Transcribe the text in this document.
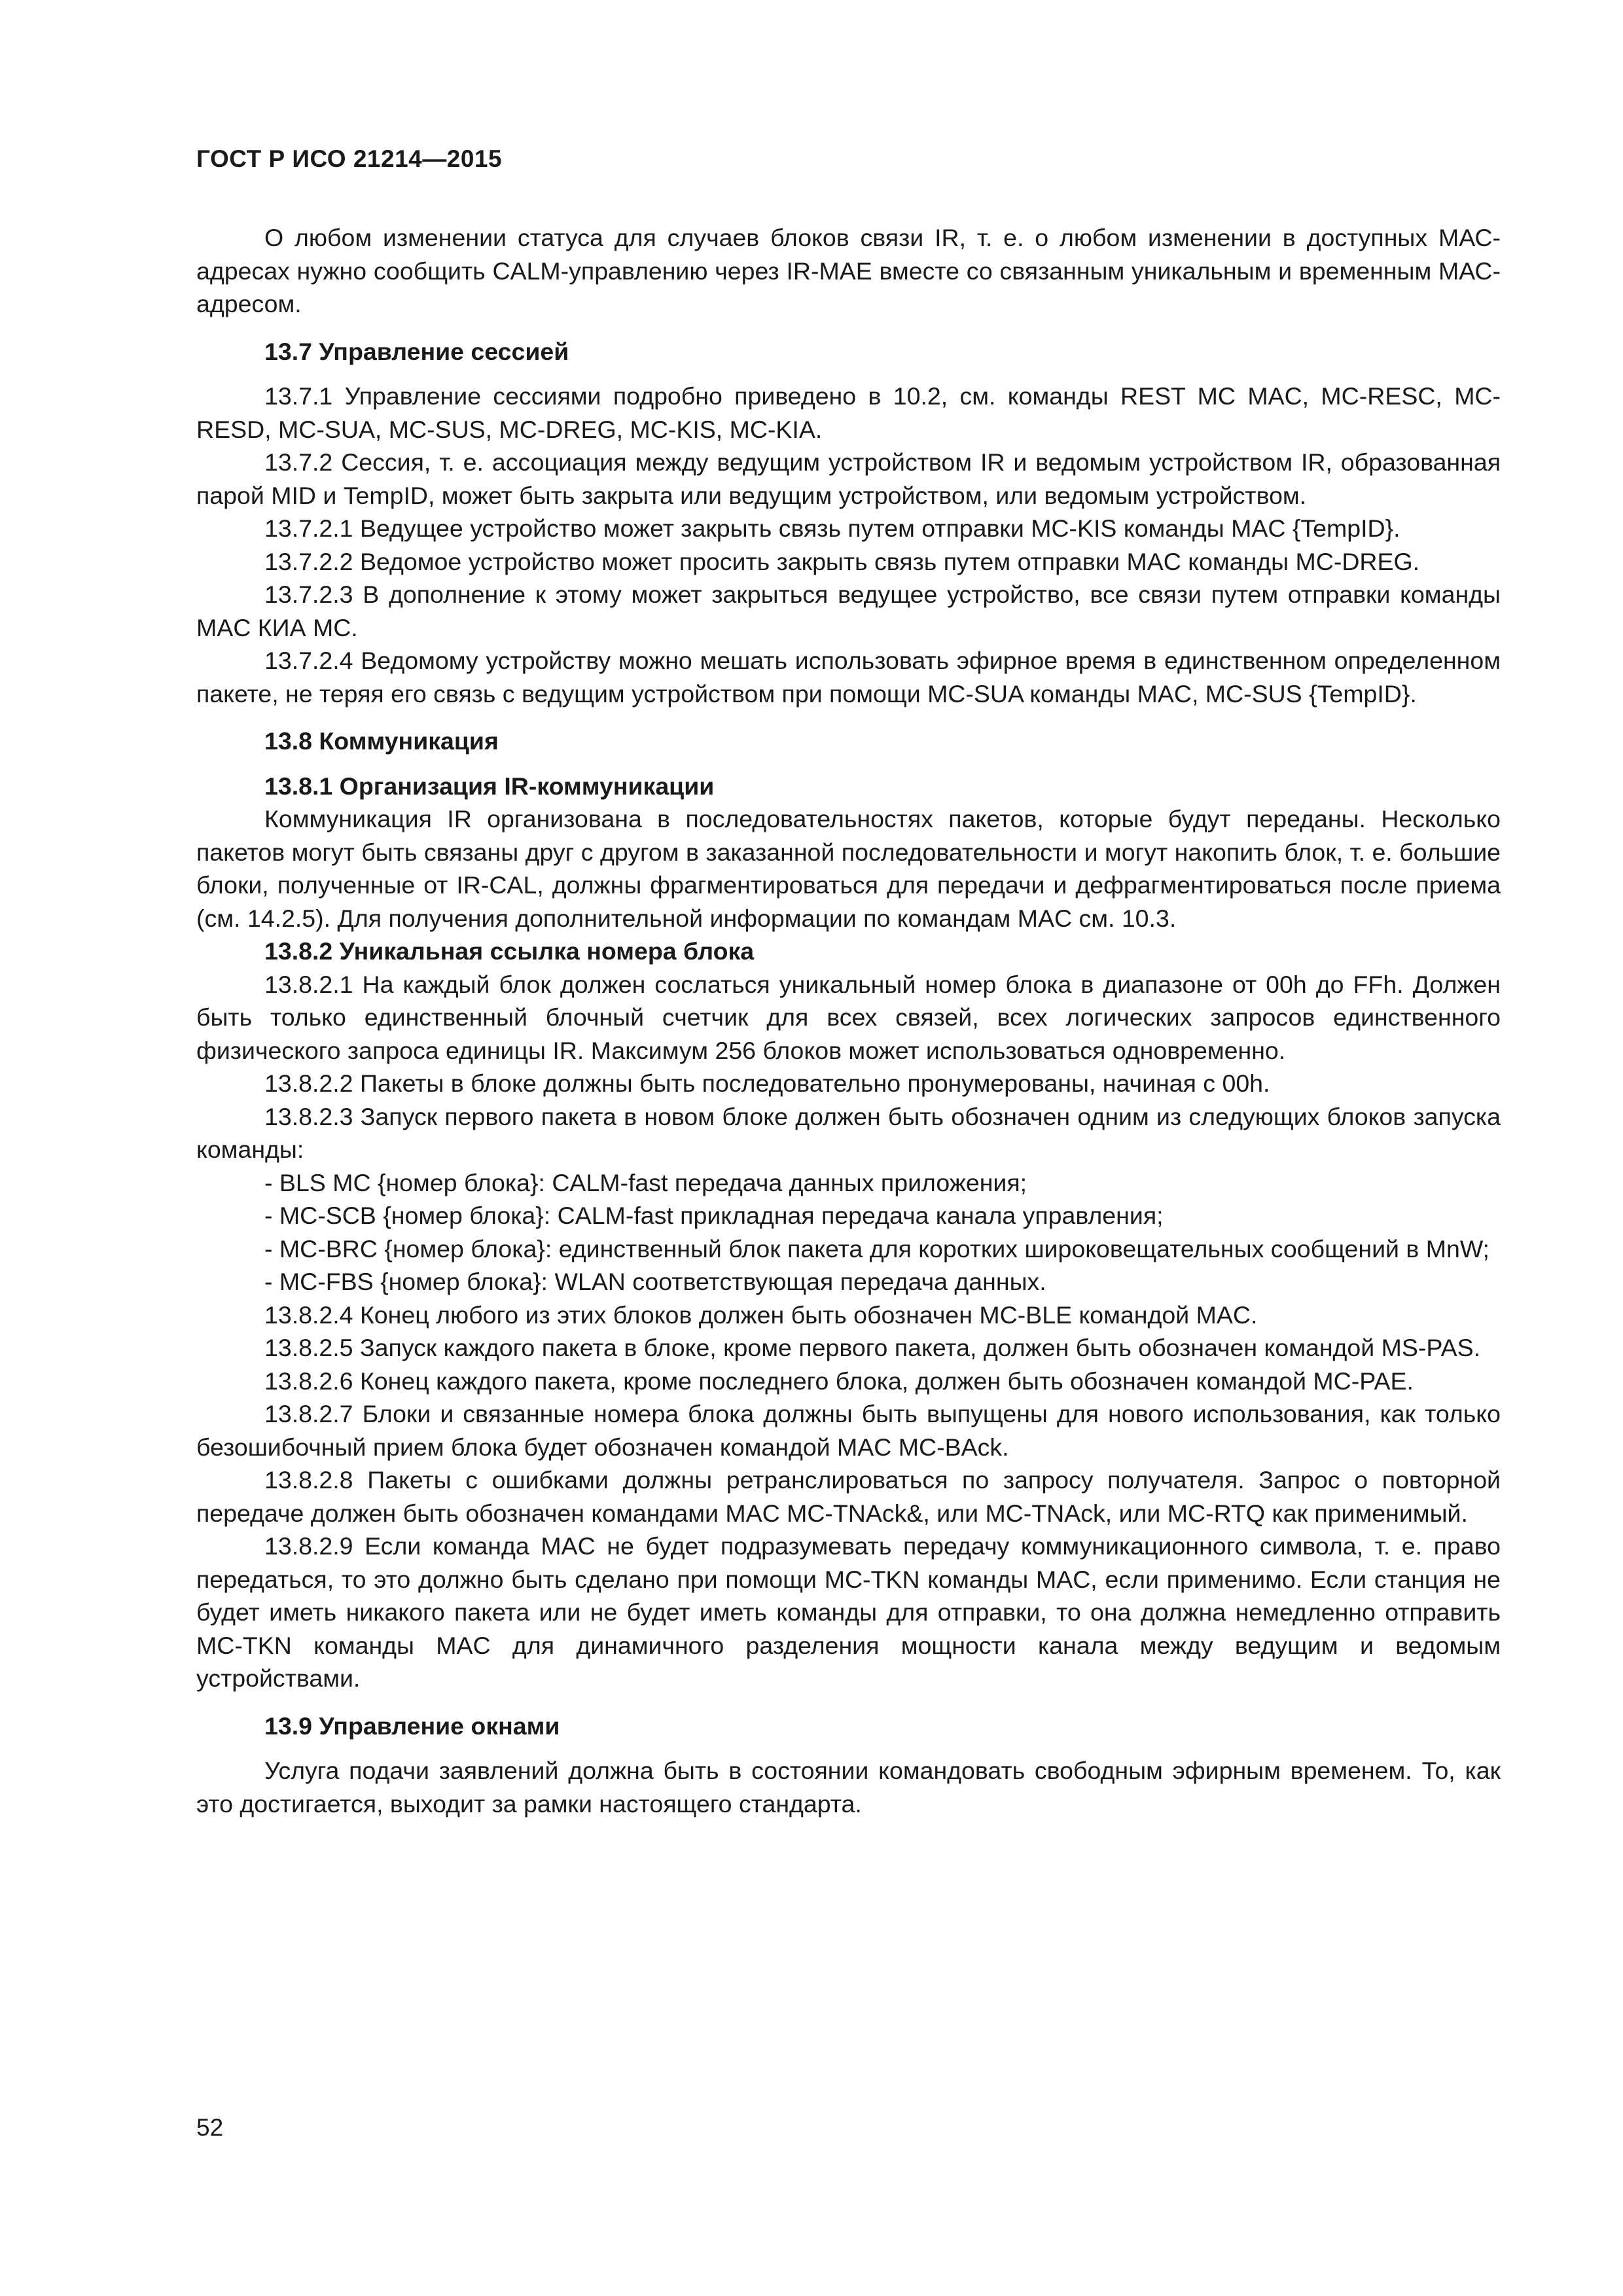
ГОСТ Р ИСО 21214—2015

О любом изменении статуса для случаев блоков связи IR, т. е. о любом изменении в доступных МАС-адресах нужно сообщить CALM-управлению через IR-MAE вместе со связанным уникальным и временным МАС-адресом.

13.7 Управление сессией

13.7.1 Управление сессиями подробно приведено в 10.2, см. команды REST MC MAC, MC-RESC, MC-RESD, MC-SUA, MC-SUS, MC-DREG, MC-KIS, MC-KIA.

13.7.2 Сессия, т. е. ассоциация между ведущим устройством IR и ведомым устройством IR, образованная парой MID и TempID, может быть закрыта или ведущим устройством, или ведомым устройством.

13.7.2.1 Ведущее устройство может закрыть связь путем отправки MC-KIS команды MAC {TempID}.

13.7.2.2 Ведомое устройство может просить закрыть связь путем отправки MAC команды MC-DREG.

13.7.2.3 В дополнение к этому может закрыться ведущее устройство, все связи путем отправки команды MAC КИА MC.

13.7.2.4 Ведомому устройству можно мешать использовать эфирное время в единственном определенном пакете, не теряя его связь с ведущим устройством при помощи MC-SUA команды MAC, MC-SUS {TempID}.

13.8 Коммуникация

13.8.1 Организация IR-коммуникации

Коммуникация IR организована в последовательностях пакетов, которые будут переданы. Несколько пакетов могут быть связаны друг с другом в заказанной последовательности и могут накопить блок, т. е. большие блоки, полученные от IR-CAL, должны фрагментироваться для передачи и дефрагментироваться после приема (см. 14.2.5). Для получения дополнительной информации по командам MAC см. 10.3.

13.8.2 Уникальная ссылка номера блока

13.8.2.1 На каждый блок должен сослаться уникальный номер блока в диапазоне от 00h до FFh. Должен быть только единственный блочный счетчик для всех связей, всех логических запросов единственного физического запроса единицы IR. Максимум 256 блоков может использоваться одновременно.

13.8.2.2 Пакеты в блоке должны быть последовательно пронумерованы, начиная с 00h.

13.8.2.3 Запуск первого пакета в новом блоке должен быть обозначен одним из следующих блоков запуска команды:

- BLS MC {номер блока}: CALM-fast передача данных приложения;

- MC-SCB {номер блока}: CALM-fast прикладная передача канала управления;

- MC-BRC {номер блока}: единственный блок пакета для коротких широковещательных сообщений в MnW;

- MC-FBS {номер блока}: WLAN соответствующая передача данных.

13.8.2.4 Конец любого из этих блоков должен быть обозначен MC-BLE командой MAC.

13.8.2.5 Запуск каждого пакета в блоке, кроме первого пакета, должен быть обозначен командой MS-PAS.

13.8.2.6 Конец каждого пакета, кроме последнего блока, должен быть обозначен командой MC-PAE.

13.8.2.7 Блоки и связанные номера блока должны быть выпущены для нового использования, как только безошибочный прием блока будет обозначен командой MAC MC-BAck.

13.8.2.8 Пакеты с ошибками должны ретранслироваться по запросу получателя. Запрос о повторной передаче должен быть обозначен командами MAC MC-TNAck&, или MC-TNAck, или MC-RTQ как применимый.

13.8.2.9 Если команда MAC не будет подразумевать передачу коммуникационного символа, т. е. право передаться, то это должно быть сделано при помощи MC-TKN команды MAC, если применимо. Если станция не будет иметь никакого пакета или не будет иметь команды для отправки, то она должна немедленно отправить MC-TKN команды MAC для динамичного разделения мощности канала между ведущим и ведомым устройствами.

13.9 Управление окнами

Услуга подачи заявлений должна быть в состоянии командовать свободным эфирным временем. То, как это достигается, выходит за рамки настоящего стандарта.

52
